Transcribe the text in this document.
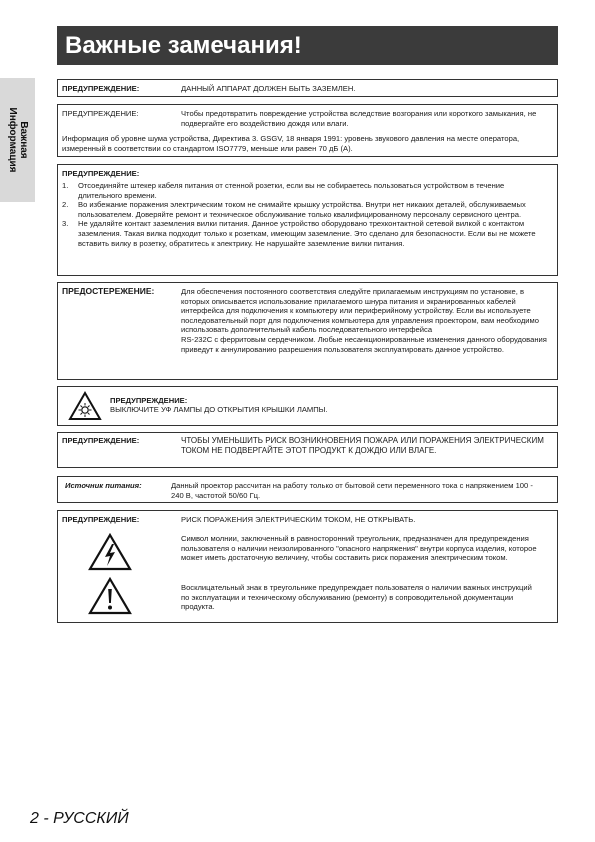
Важные замечания!
Важная
Информация
ПРЕДУПРЕЖДЕНИЕ:	ДАННЫЙ АППАРАТ ДОЛЖЕН БЫТЬ ЗАЗЕМЛЕН.
ПРЕДУПРЕЖДЕНИЕ:	Чтобы предотвратить повреждение устройства вследствие возгорания или короткого замыкания, не подвергайте его воздействию дождя или влаги.
Информация об уровне шума устройства, Директива 3. GSGV, 18 января 1991: уровень звукового давления на месте оператора, измеренный в соответствии со стандартом ISO7779, меньше или равен 70 дБ (A).
ПРЕДУПРЕЖДЕНИЕ:
1. Отсоединяйте штекер кабеля питания от стенной розетки, если вы не собираетесь пользоваться устройством в течение длительного времени.
2. Во избежание поражения электрическим током не снимайте крышку устройства. Внутри нет никаких деталей, обслуживаемых пользователем. Доверяйте ремонт и техническое обслуживание только квалифицированному персоналу сервисного центра.
3. Не удаляйте контакт заземления вилки питания. Данное устройство оборудовано трехконтактной сетевой вилкой с контактом заземления. Такая вилка подходит только к розеткам, имеющим заземление. Это сделано для безопасности. Если вы не можете вставить вилку в розетку, обратитесь к электрику. Не нарушайте заземление вилки питания.
ПРЕДОСТЕРЕЖЕНИЕ:	Для обеспечения постоянного соответствия следуйте прилагаемым инструкциям по установке, в которых описывается использование прилагаемого шнура питания и экранированных кабелей интерфейса для подключения к компьютеру или периферийному устройству. Если вы используете последовательный порт для подключения компьютера для управления проектором, вам необходимо использовать дополнительный кабель последовательного интерфейса
RS-232C с ферритовым сердечником. Любые несанкционированные изменения данного оборудования приведут к аннулированию разрешения пользователя эксплуатировать данное устройство.
ПРЕДУПРЕЖДЕНИЕ:
ВЫКЛЮЧИТЕ УФ ЛАМПЫ ДО ОТКРЫТИЯ КРЫШКИ ЛАМПЫ.
ПРЕДУПРЕЖДЕНИЕ:	ЧТОБЫ УМЕНЬШИТЬ РИСК ВОЗНИКНОВЕНИЯ ПОЖАРА ИЛИ ПОРАЖЕНИЯ ЭЛЕКТРИЧЕСКИМ ТОКОМ НЕ ПОДВЕРГАЙТЕ ЭТОТ ПРОДУКТ К ДОЖДЮ ИЛИ ВЛАГЕ.
Источник питания:	Данный проектор рассчитан на работу только от бытовой сети переменного тока с напряжением 100 - 240 В, частотой 50/60 Гц.
ПРЕДУПРЕЖДЕНИЕ:	РИСК ПОРАЖЕНИЯ ЭЛЕКТРИЧЕСКИМ ТОКОМ, НЕ ОТКРЫВАТЬ.
Символ молнии, заключенный в равносторонний треугольник, предназначен для предупреждения пользователя о наличии неизолированного "опасного напряжения" внутри корпуса изделия, которое может иметь достаточную величину, чтобы составить риск поражения электрическим током.
Восклицательный знак в треугольнике предупреждает пользователя о наличии важных инструкций по эксплуатации и техническому обслуживанию (ремонту) в сопроводительной документации продукта.
2 - РУССКИЙ
